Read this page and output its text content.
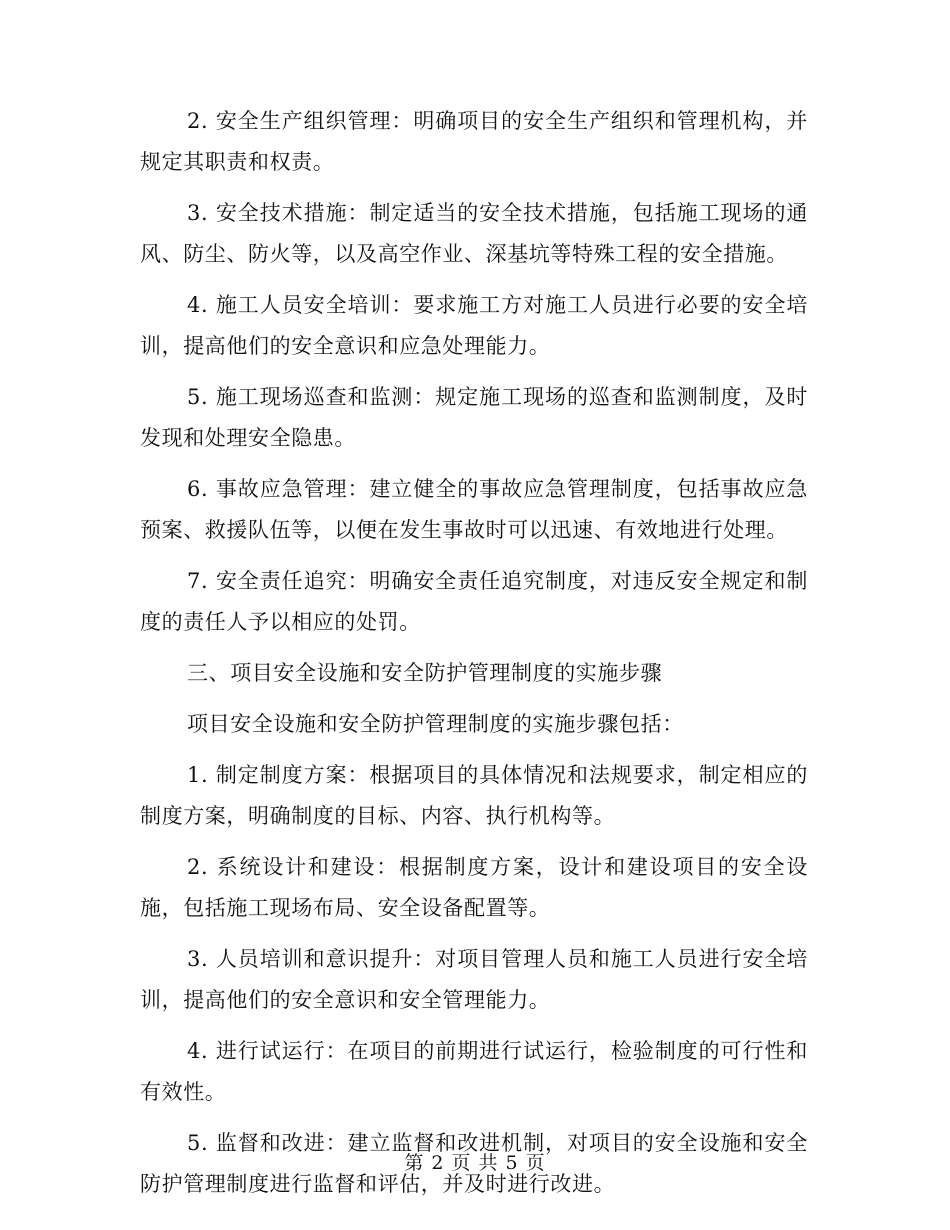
2. 安全生产组织管理：明确项目的安全生产组织和管理机构，并规定其职责和权责。

3. 安全技术措施：制定适当的安全技术措施，包括施工现场的通风、防尘、防火等，以及高空作业、深基坑等特殊工程的安全措施。

4. 施工人员安全培训：要求施工方对施工人员进行必要的安全培训，提高他们的安全意识和应急处理能力。

5. 施工现场巡查和监测：规定施工现场的巡查和监测制度，及时发现和处理安全隐患。

6. 事故应急管理：建立健全的事故应急管理制度，包括事故应急预案、救援队伍等，以便在发生事故时可以迅速、有效地进行处理。

7. 安全责任追究：明确安全责任追究制度，对违反安全规定和制度的责任人予以相应的处罚。

三、项目安全设施和安全防护管理制度的实施步骤

项目安全设施和安全防护管理制度的实施步骤包括：

1. 制定制度方案：根据项目的具体情况和法规要求，制定相应的制度方案，明确制度的目标、内容、执行机构等。

2. 系统设计和建设：根据制度方案，设计和建设项目的安全设施，包括施工现场布局、安全设备配置等。

3. 人员培训和意识提升：对项目管理人员和施工人员进行安全培训，提高他们的安全意识和安全管理能力。

4. 进行试运行：在项目的前期进行试运行，检验制度的可行性和有效性。

5. 监督和改进：建立监督和改进机制，对项目的安全设施和安全防护管理制度进行监督和评估，并及时进行改进。

第 2 页 共 5 页
